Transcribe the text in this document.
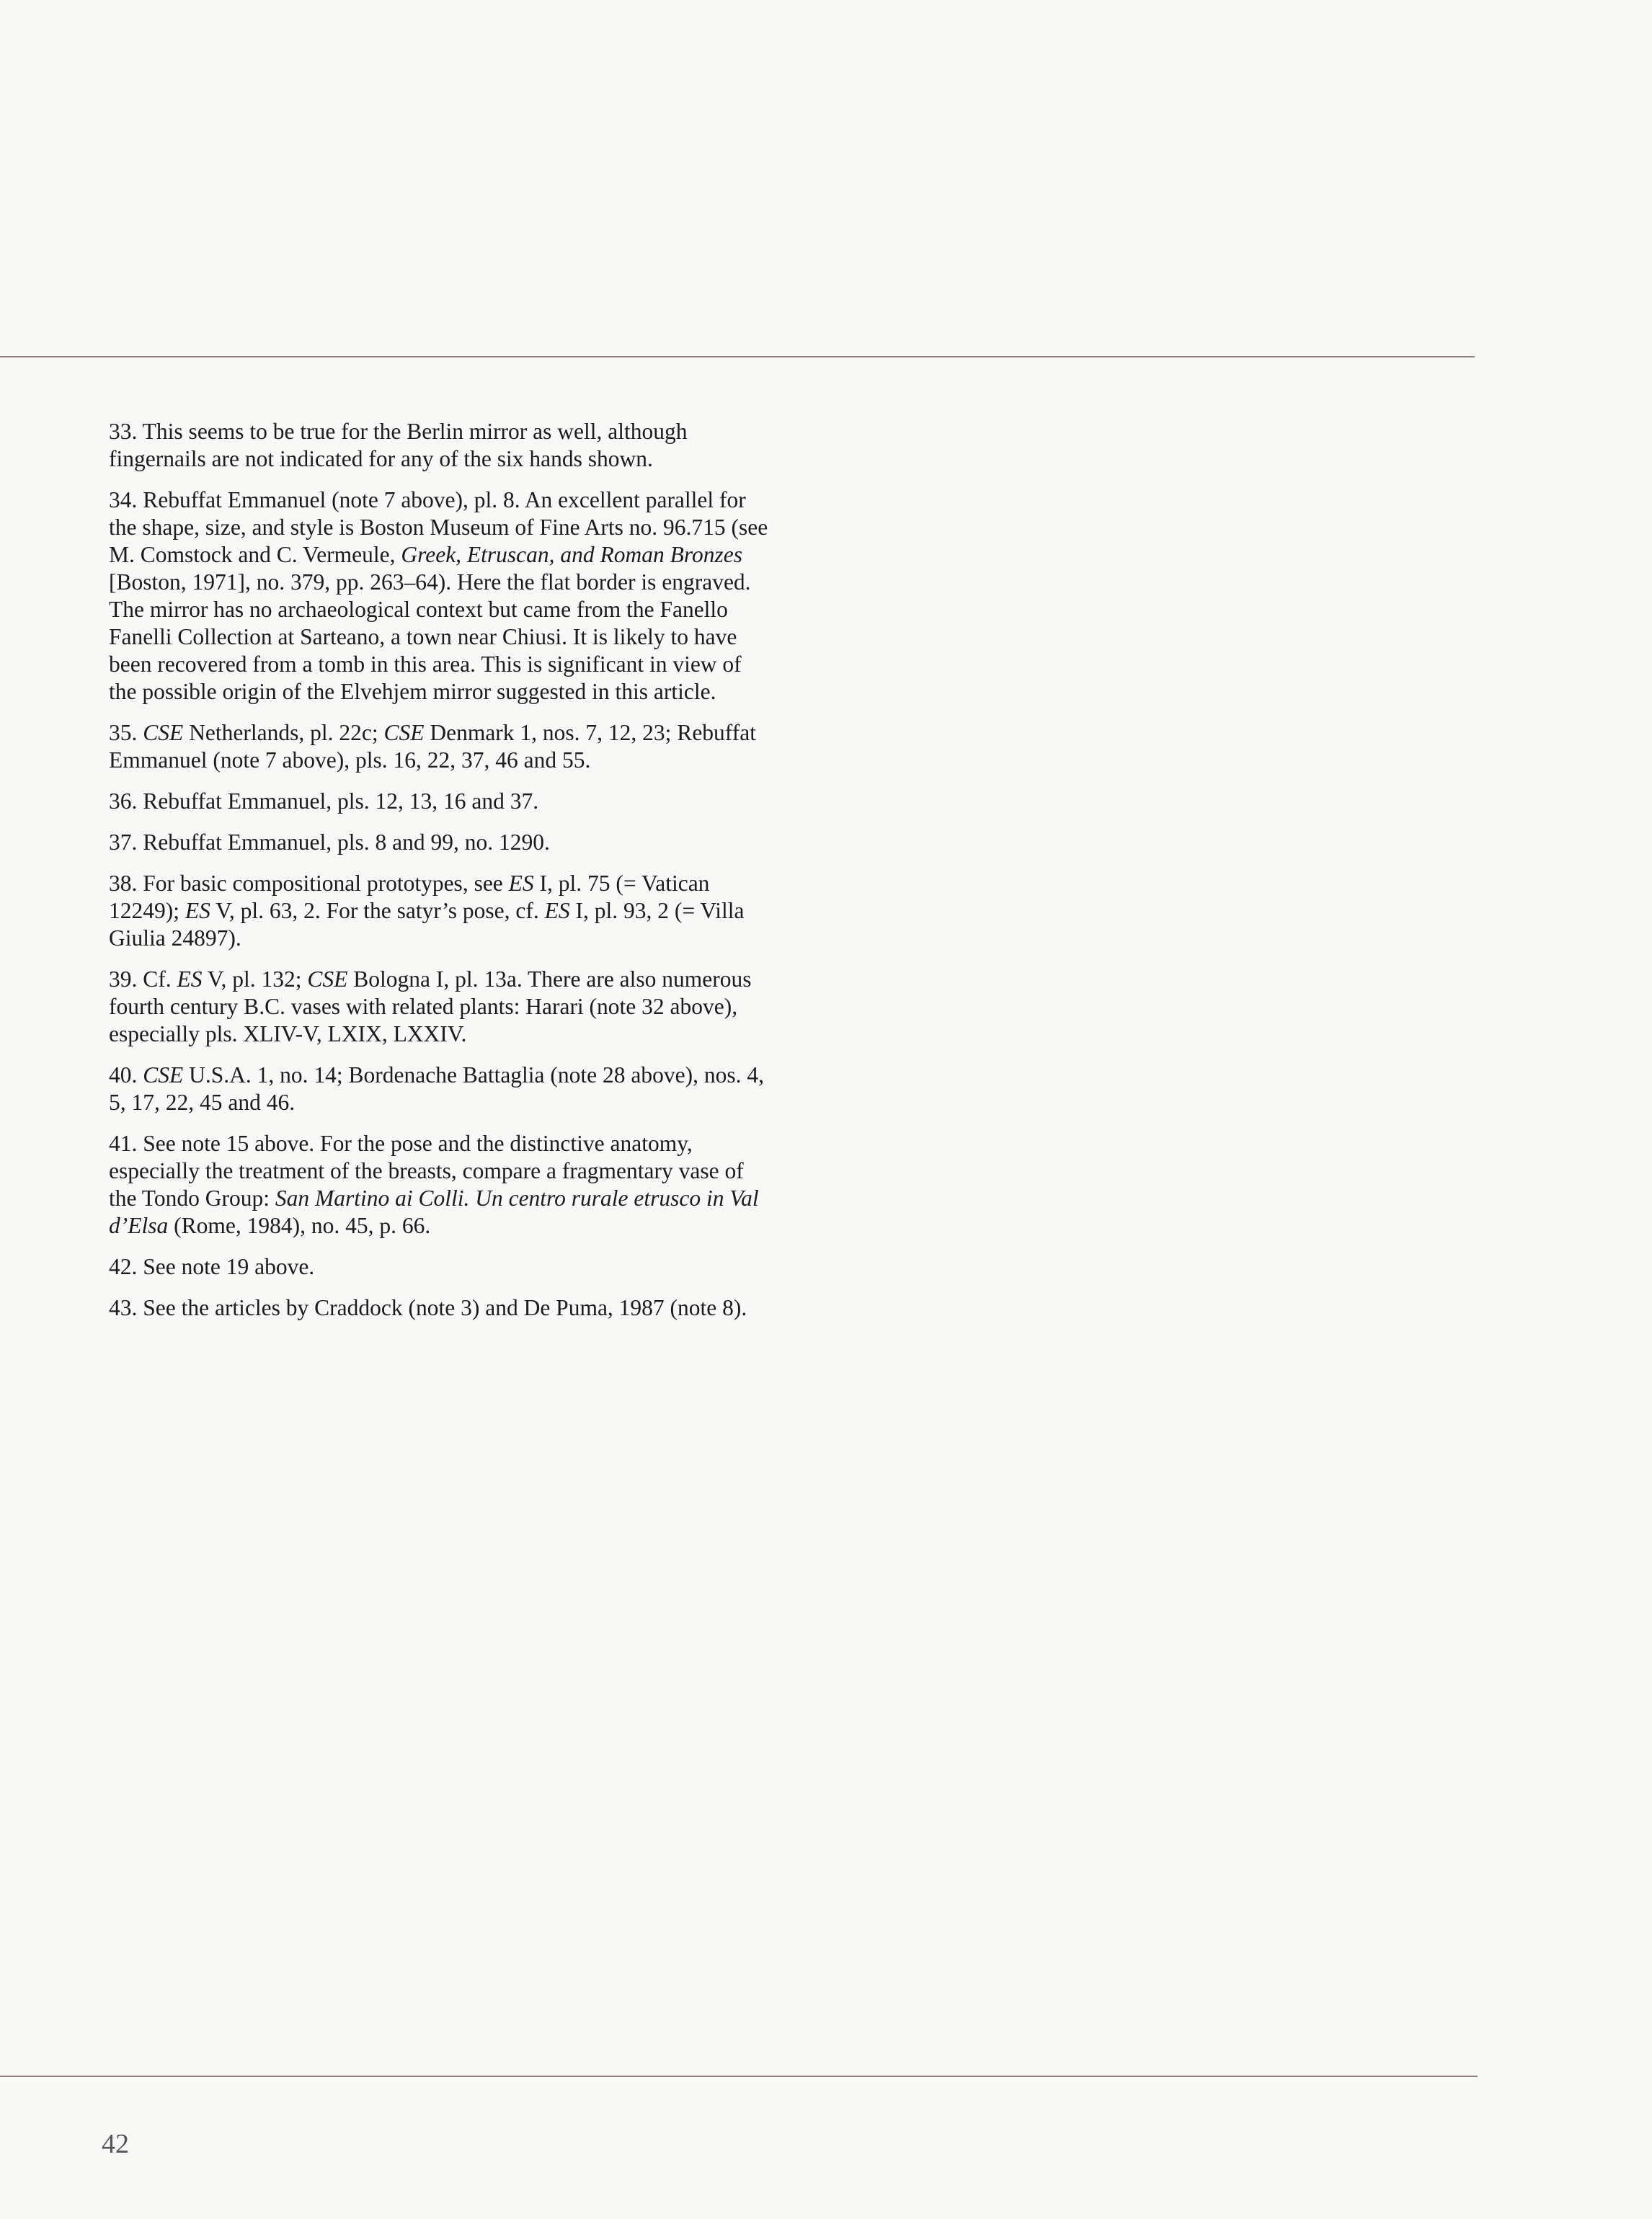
33. This seems to be true for the Berlin mirror as well, although fingernails are not indicated for any of the six hands shown.

34. Rebuffat Emmanuel (note 7 above), pl. 8. An excellent parallel for the shape, size, and style is Boston Museum of Fine Arts no. 96.715 (see M. Comstock and C. Vermeule, Greek, Etruscan, and Roman Bronzes [Boston, 1971], no. 379, pp. 263–64). Here the flat border is engraved. The mirror has no archaeological context but came from the Fanello Fanelli Collection at Sarteano, a town near Chiusi. It is likely to have been recovered from a tomb in this area. This is significant in view of the possible origin of the Elvehjem mirror suggested in this article.

35. CSE Netherlands, pl. 22c; CSE Denmark 1, nos. 7, 12, 23; Rebuffat Emmanuel (note 7 above), pls. 16, 22, 37, 46 and 55.

36. Rebuffat Emmanuel, pls. 12, 13, 16 and 37.

37. Rebuffat Emmanuel, pls. 8 and 99, no. 1290.

38. For basic compositional prototypes, see ES I, pl. 75 (= Vatican 12249); ES V, pl. 63, 2. For the satyr’s pose, cf. ES I, pl. 93, 2 (= Villa Giulia 24897).

39. Cf. ES V, pl. 132; CSE Bologna I, pl. 13a. There are also numerous fourth century B.C. vases with related plants: Harari (note 32 above), especially pls. XLIV-V, LXIX, LXXIV.

40. CSE U.S.A. 1, no. 14; Bordenache Battaglia (note 28 above), nos. 4, 5, 17, 22, 45 and 46.

41. See note 15 above. For the pose and the distinctive anatomy, especially the treatment of the breasts, compare a fragmentary vase of the Tondo Group: San Martino ai Colli. Un centro rurale etrusco in Val d’Elsa (Rome, 1984), no. 45, p. 66.

42. See note 19 above.

43. See the articles by Craddock (note 3) and De Puma, 1987 (note 8).

42
